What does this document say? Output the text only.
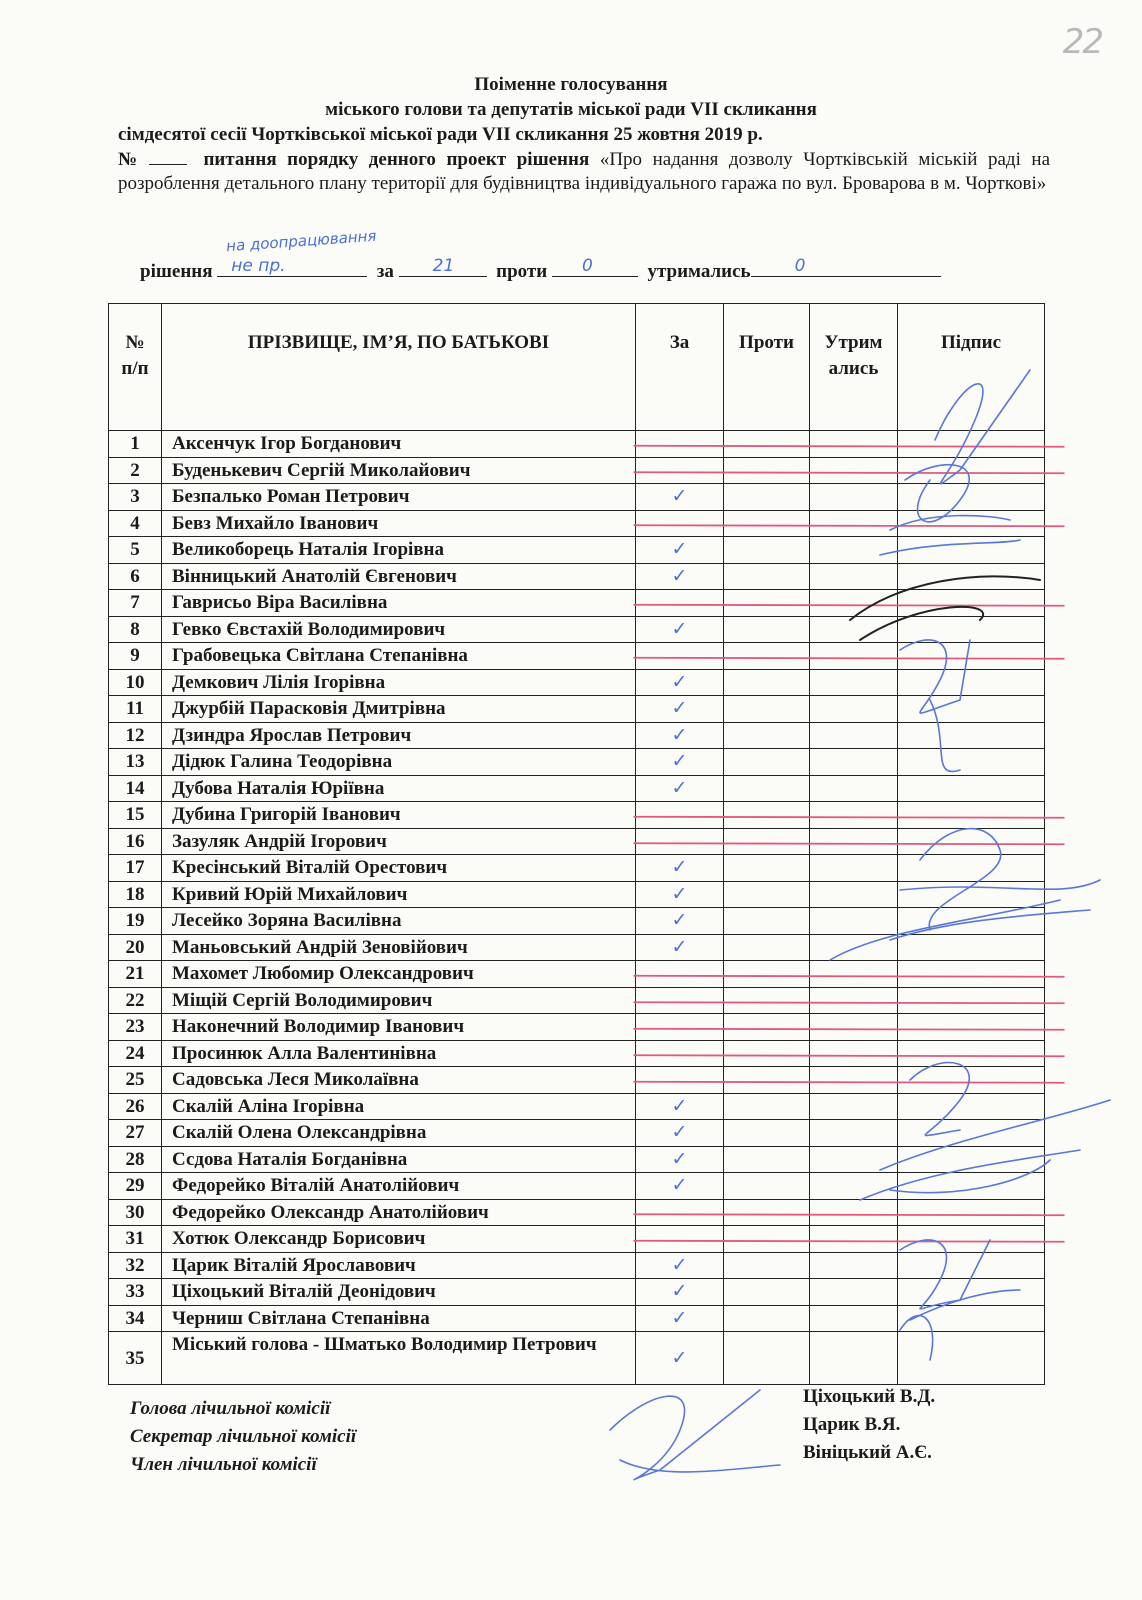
22
Поіменне голосування
міського голови та депутатів міської ради VII скликання
сімдесятої сесії Чортківської міської ради VII скликання 25 жовтня 2019 р.
№	питання порядку денного проект рішення «Про надання дозволу Чортківській міській раді на розроблення детального плану території для будівництва індивідуального гаража по вул. Броварова в м. Чорткові»
на доопрацювання
рішення не пр.	за 21 проти 0	утримались	0
№ п/п	ПРІЗВИЩЕ, ІМ’Я, ПО БАТЬКОВІ	За	Проти	Утримались	Підпис
1	Аксенчук Ігор Богданович				
2	Буденькевич Сергій Миколайович				
3	Безпалько Роман Петрович	✓			
4	Бевз Михайло Іванович				
5	Великоборець Наталія Ігорівна	✓			
6	Вінницький Анатолій Євгенович	✓			
7	Гаврисьо Віра Василівна				
8	Гевко Євстахій Володимирович	✓			
9	Грабовецька Світлана Степанівна				
10	Демкович Лілія Ігорівна	✓			
11	Джурбій Парасковія Дмитрівна	✓			
12	Дзиндра Ярослав Петрович	✓			
13	Дідюк Галина Теодорівна	✓			
14	Дубова Наталія Юріївна	✓			
15	Дубина Григорій Іванович				
16	Зазуляк Андрій Ігорович				
17	Кресінський Віталій Орестович	✓			
18	Кривий Юрій Михайлович	✓			
19	Лесейко Зоряна Василівна	✓			
20	Маньовський Андрій Зеновійович	✓			
21	Махомет Любомир Олександрович				
22	Міщій Сергій Володимирович				
23	Наконечний Володимир Іванович				
24	Просинюк Алла Валентинівна				
25	Садовська Леся Миколаївна				
26	Скалій Аліна Ігорівна	✓			
27	Скалій Олена Олександрівна	✓			
28	Ссдова Наталія Богданівна	✓			
29	Федорейко Віталій Анатолійович	✓			
30	Федорейко Олександр Анатолійович				
31	Хотюк Олександр Борисович				
32	Царик Віталій Ярославович	✓			
33	Ціхоцький Віталій Деонідович	✓			
34	Черниш Світлана Степанівна	✓			
35	Міський голова - Шматько Володимир Петрович	✓			
Голова лічильної комісії
Секретар лічильної комісії
Член лічильної комісії
Ціхоцький В.Д.
Царик В.Я.
Вініцький А.Є.
